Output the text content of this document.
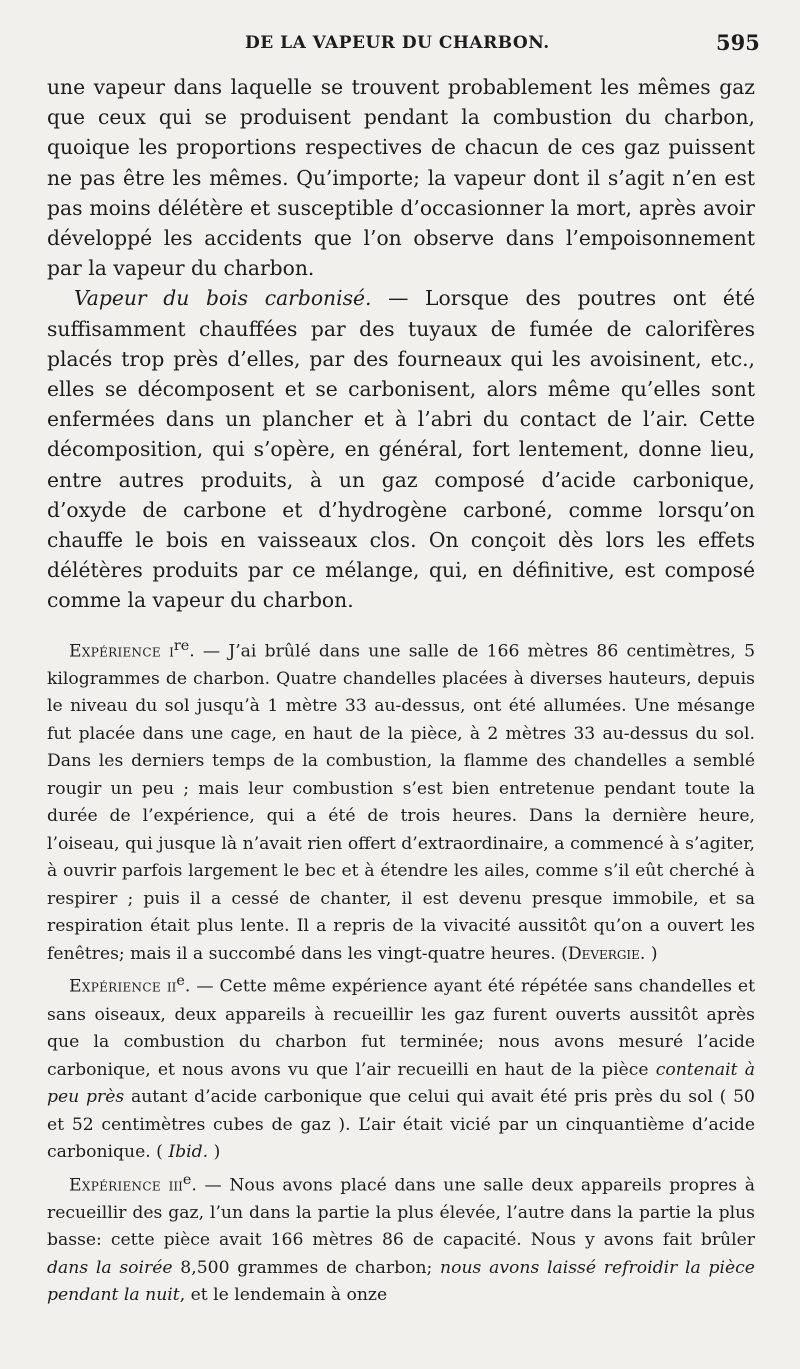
DE LA VAPEUR DU CHARBON.	595

une vapeur dans laquelle se trouvent probablement les mêmes gaz que ceux qui se produisent pendant la combustion du charbon, quoique les proportions respectives de chacun de ces gaz puissent ne pas être les mêmes. Qu’importe; la vapeur dont il s’agit n’en est pas moins délétère et susceptible d’occasionner la mort, après avoir développé les accidents que l’on observe dans l’empoisonnement par la vapeur du charbon.

Vapeur du bois carbonisé. — Lorsque des poutres ont été suffisamment chauffées par des tuyaux de fumée de calorifères placés trop près d’elles, par des fourneaux qui les avoisinent, etc., elles se décomposent et se carbonisent, alors même qu’elles sont enfermées dans un plancher et à l’abri du contact de l’air. Cette décomposition, qui s’opère, en général, fort lentement, donne lieu, entre autres produits, à un gaz composé d’acide carbonique, d’oxyde de carbone et d’hydrogène carboné, comme lorsqu’on chauffe le bois en vaisseaux clos. On conçoit dès lors les effets délétères produits par ce mélange, qui, en définitive, est composé comme la vapeur du charbon.

Expérience $i^{re}$. — J’ai brûlé dans une salle de 166 mètres 86 centimètres, 5 kilogrammes de charbon. Quatre chandelles placées à diverses hauteurs, depuis le niveau du sol jusqu’à 1 mètre 33 au-dessus, ont été allumées. Une mésange fut placée dans une cage, en haut de la pièce, à 2 mètres 33 au-dessus du sol. Dans les derniers temps de la combustion, la flamme des chandelles a semblé rougir un peu ; mais leur combustion s’est bien entretenue pendant toute la durée de l’expérience, qui a été de trois heures. Dans la dernière heure, l’oiseau, qui jusque là n’avait rien offert d’extraordinaire, a commencé à s’agiter, à ouvrir parfois largement le bec et à étendre les ailes, comme s’il eût cherché à respirer ; puis il a cessé de chanter, il est devenu presque immobile, et sa respiration était plus lente. Il a repris de la vivacité aussitôt qu’on a ouvert les fenêtres; mais il a succombé dans les vingt-quatre heures. (Devergie. )

Expérience $ii^e$. — Cette même expérience ayant été répétée sans chandelles et sans oiseaux, deux appareils à recueillir les gaz furent ouverts aussitôt après que la combustion du charbon fut terminée; nous avons mesuré l’acide carbonique, et nous avons vu que l’air recueilli en haut de la pièce contenait à peu près autant d’acide carbonique que celui qui avait été pris près du sol ( 50 et 52 centimètres cubes de gaz ). L’air était vicié par un cinquantième d’acide carbonique. ( Ibid. )

Expérience iii$^e$. — Nous avons placé dans une salle deux appareils propres à recueillir des gaz, l’un dans la partie la plus élevée, l’autre dans la partie la plus basse: cette pièce avait 166 mètres 86 de capacité. Nous y avons fait brûler dans la soirée 8,500 grammes de charbon; nous avons laissé refroidir la pièce pendant la nuit, et le lendemain à onze
